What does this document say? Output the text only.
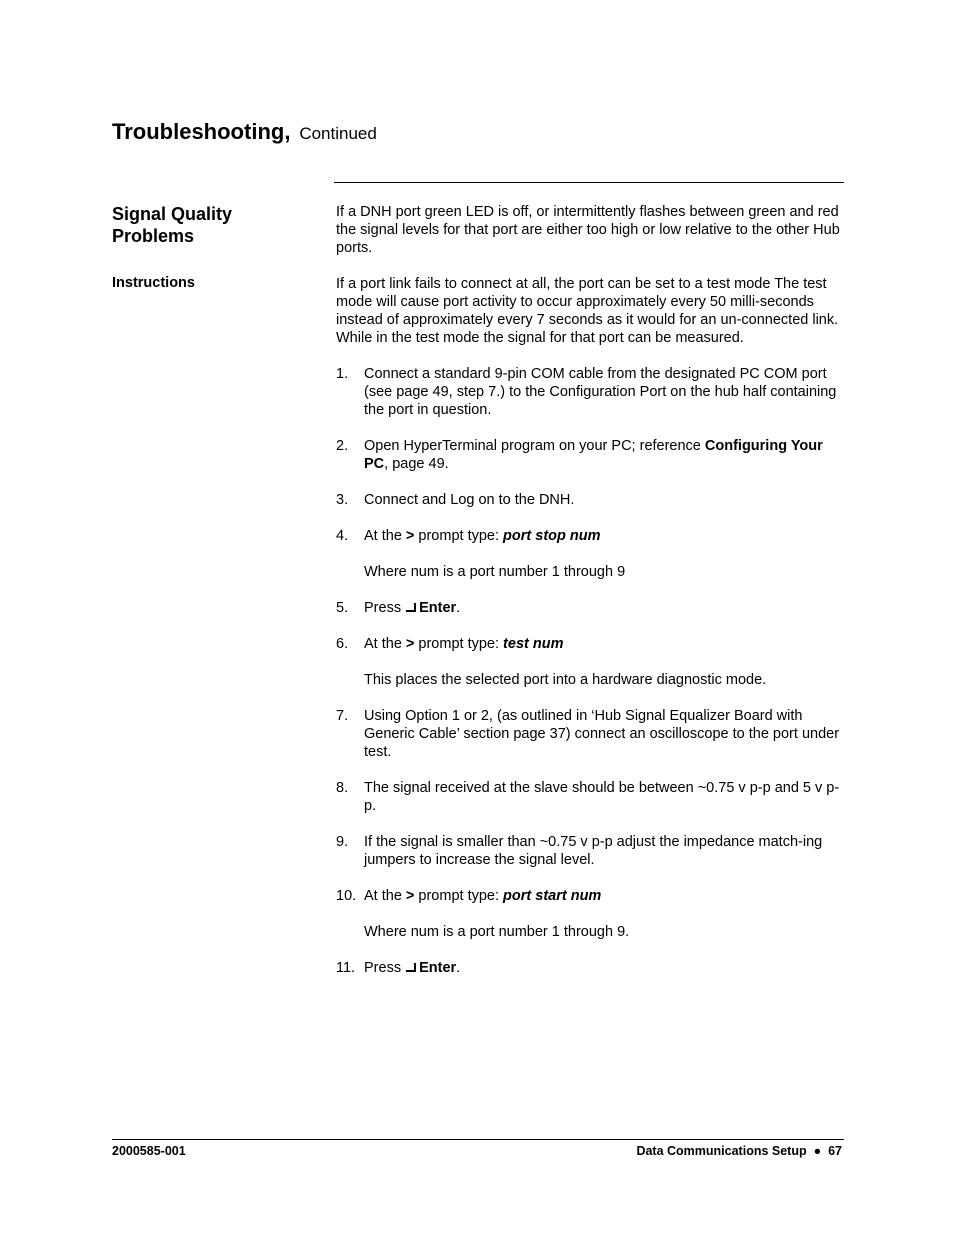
Troubleshooting, Continued
Signal Quality Problems
Instructions

If a DNH port green LED is off, or intermittently flashes between green and red the signal levels for that port are either too high or low relative to the other Hub ports.

If a port link fails to connect at all, the port can be set to a test mode The test mode will cause port activity to occur approximately every 50 milli-seconds instead of approximately every 7 seconds as it would for an un-connected link. While in the test mode the signal for that port can be measured.

1.	Connect a standard 9-pin COM cable from the designated PC COM port (see page 49, step 7.) to the Configuration Port on the hub half containing the port in question.
2.	Open HyperTerminal program on your PC; reference Configuring Your PC, page 49.
3.	Connect and Log on to the DNH.
4.	At the > prompt type: port stop num

Where num is a port number 1 through 9

5.	Press Enter.
6.	At the > prompt type: test num

This places the selected port into a hardware diagnostic mode.

7.	Using Option 1 or 2, (as outlined in ‘Hub Signal Equalizer Board with Generic Cable’ section page 37) connect an oscilloscope to the port under test.
8.	The signal received at the slave should be between ~0.75 v p-p and 5 v p-p.
9.	If the signal is smaller than ~0.75 v p-p adjust the impedance match-ing jumpers to increase the signal level.
10. At the > prompt type: port start num

Where num is a port number 1 through 9.

11. Press Enter.
2000585-001	Data Communications Setup ● 67
